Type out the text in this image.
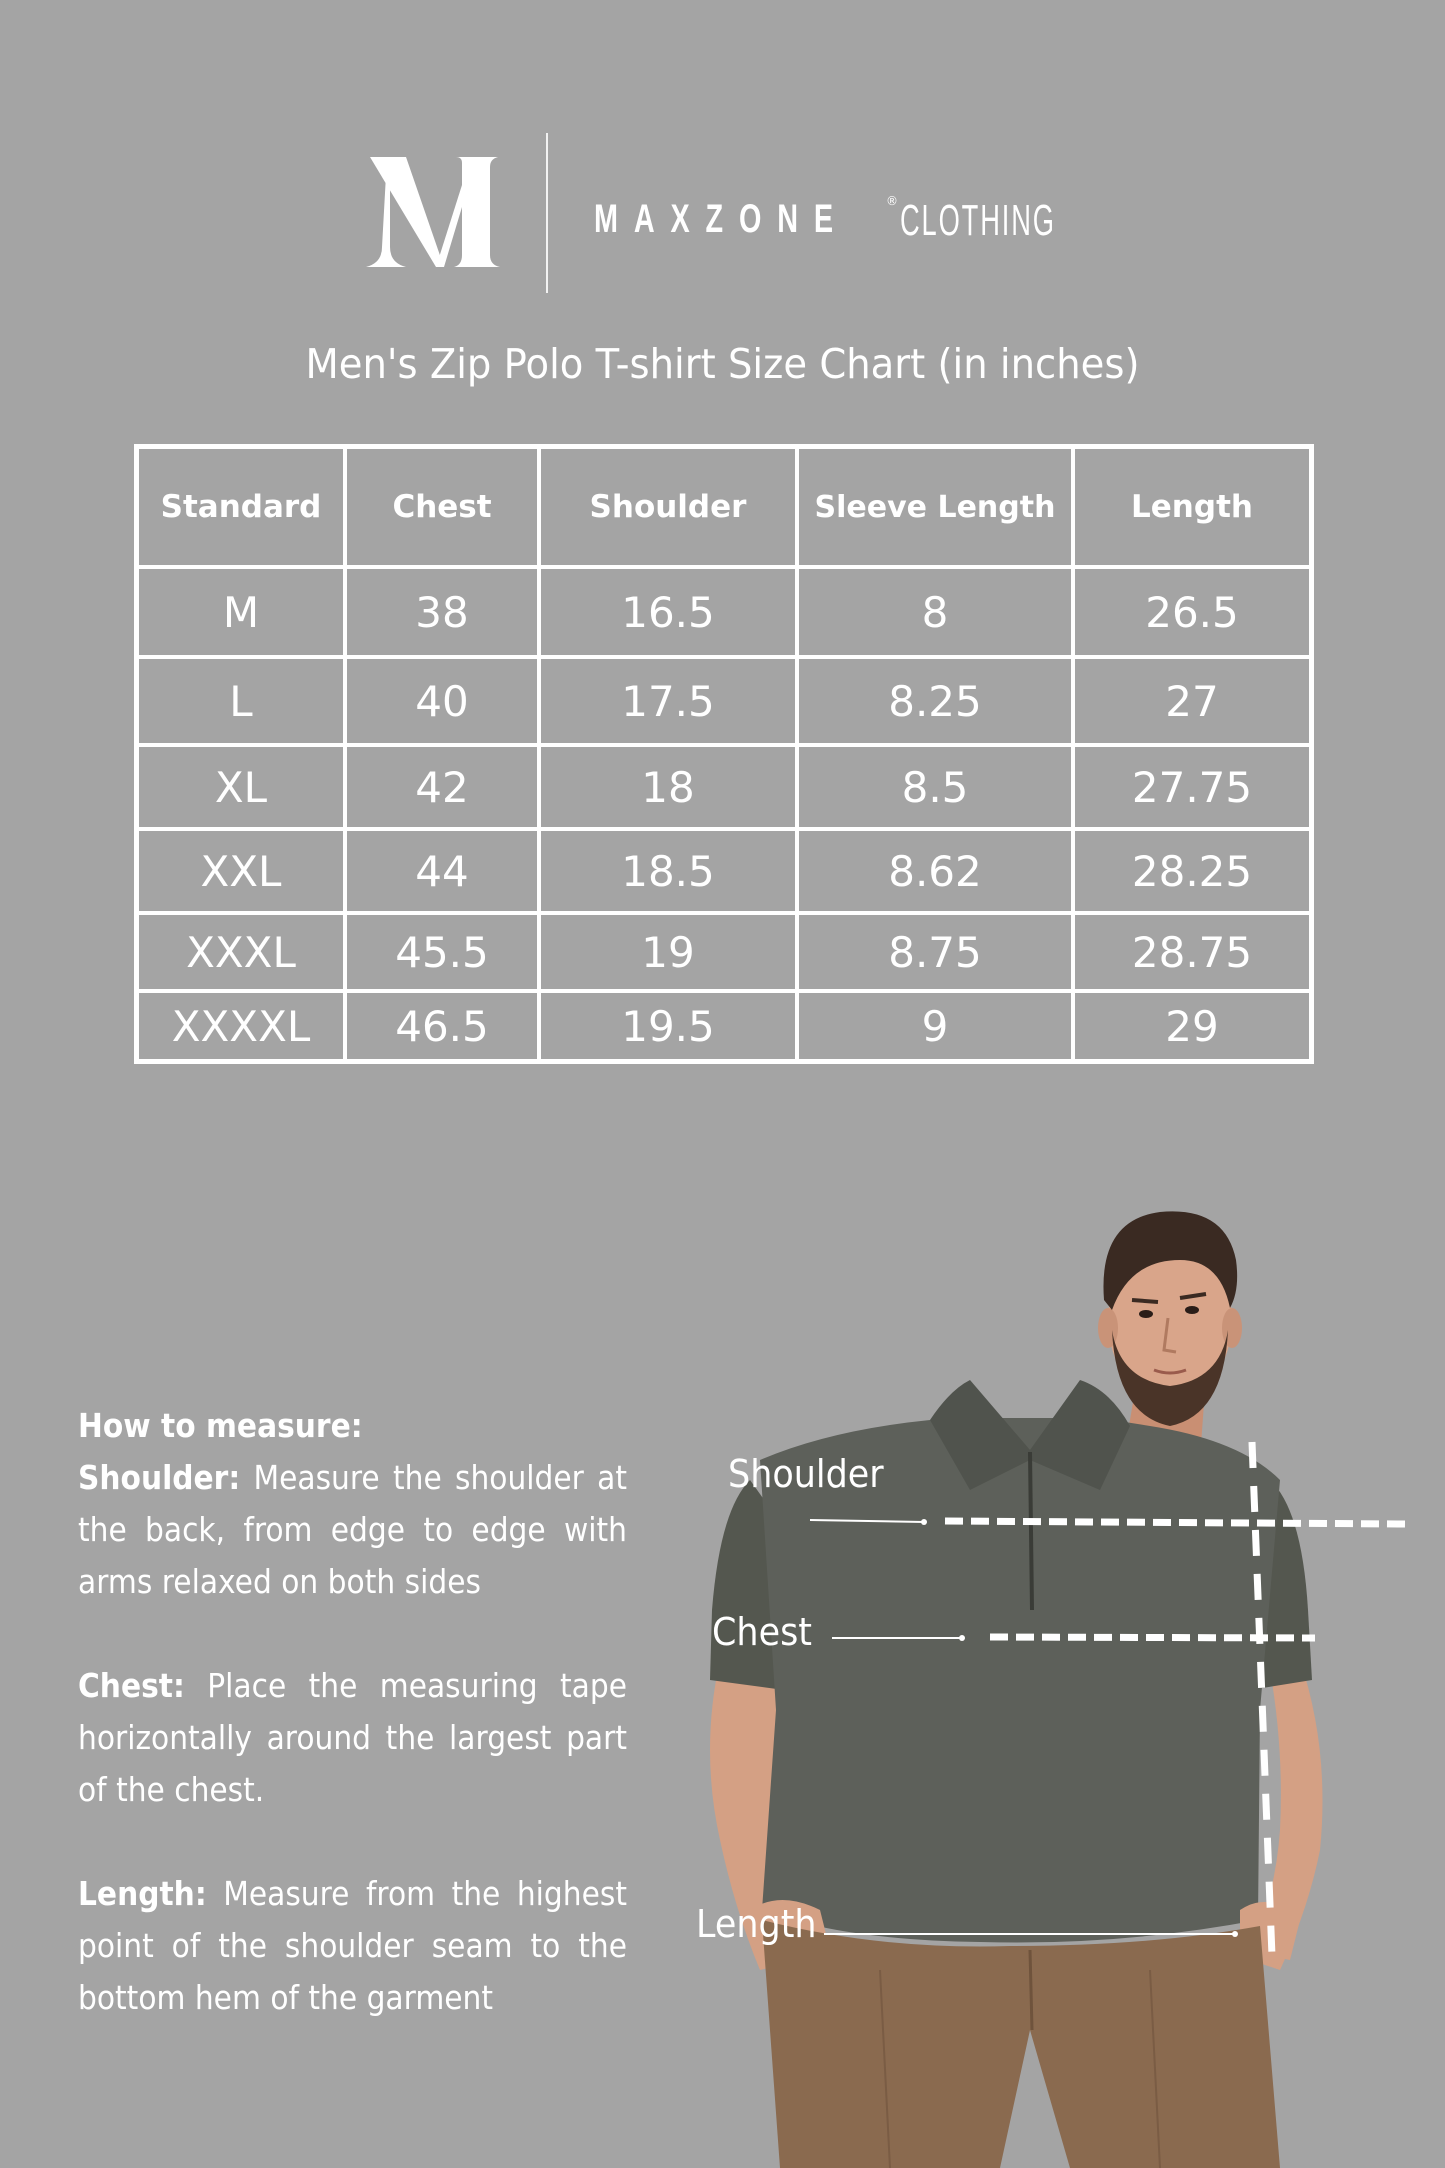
MAXZONE	® CLOTHING
Men's Zip Polo T-shirt Size Chart (in inches)
Standard	Chest	Shoulder	Sleeve Length	Length
M	38	16.5	8	26.5
L	40	17.5	8.25	27
XL	42	18	8.5	27.75
XXL	44	18.5	8.62	28.25
XXXL	45.5	19	8.75	28.75
XXXXL	46.5	19.5	9	29
How to measure:

Shoulder: Measure the shoulder at the back, from edge to edge with arms relaxed on both sides

Chest: Place the measuring tape horizontally around the largest part of the chest.

Length: Measure from the highest point of the shoulder seam to the bottom hem of the garment

Shoulder
Chest
Length
